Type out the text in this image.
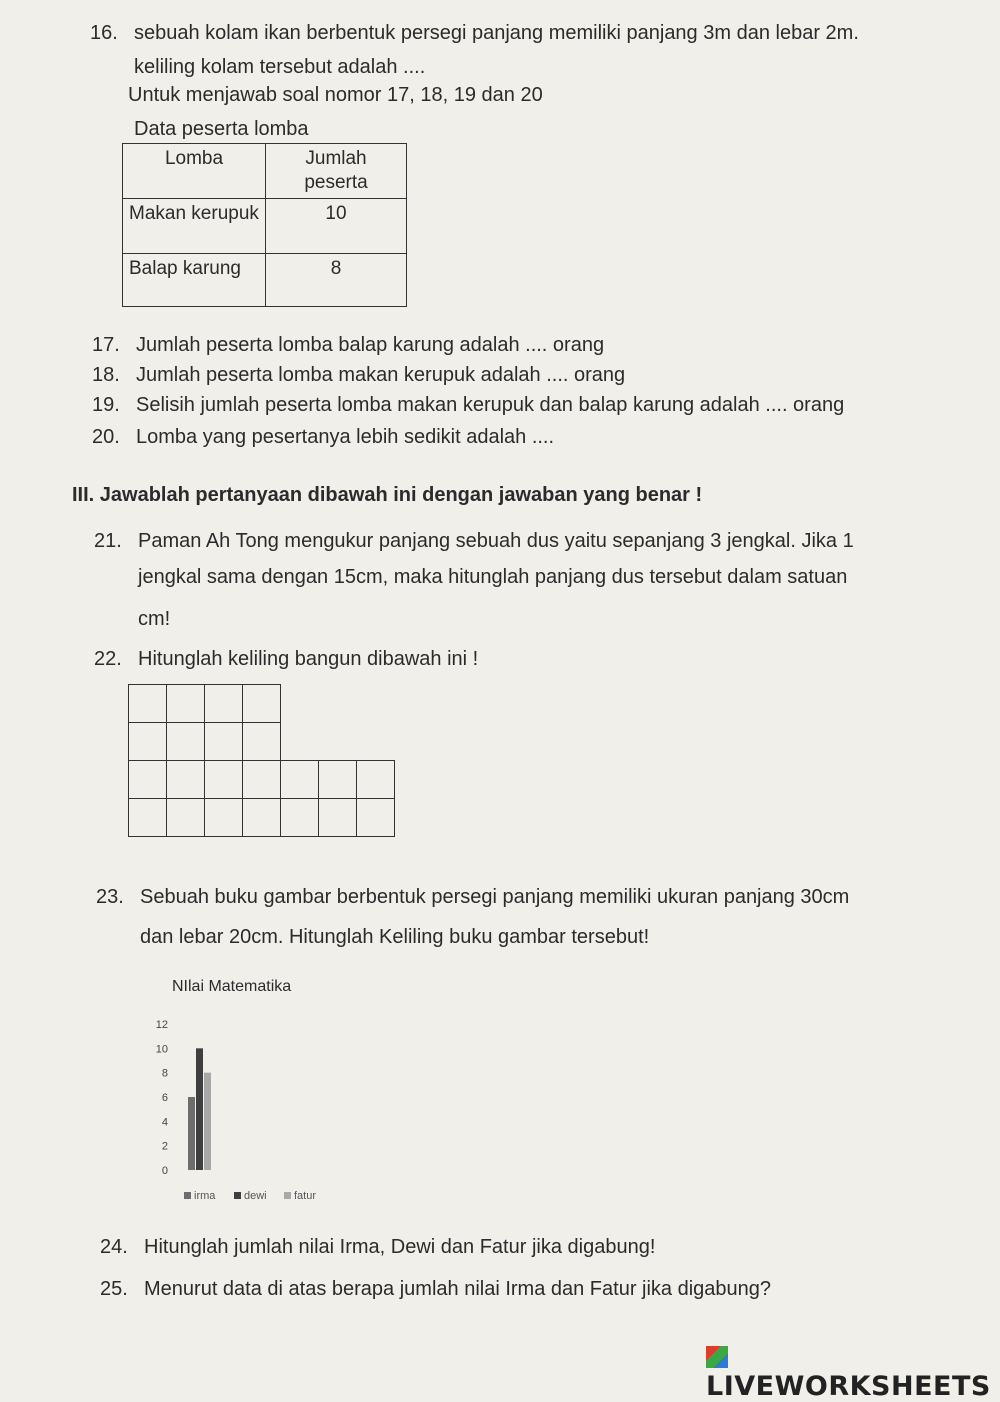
16. sebuah kolam ikan berbentuk persegi panjang memiliki panjang 3m dan lebar 2m.
keliling kolam tersebut adalah ....
Untuk menjawab soal nomor 17, 18, 19 dan 20
Data peserta lomba
Lomba	Jumlah peserta
Makan kerupuk	10
Balap karung	8
17. Jumlah peserta lomba balap karung adalah .... orang
18. Jumlah peserta lomba makan kerupuk adalah .... orang
19. Selisih jumlah peserta lomba makan kerupuk dan balap karung adalah .... orang
20. Lomba yang pesertanya lebih sedikit adalah ....
III. Jawablah pertanyaan dibawah ini dengan jawaban yang benar !
21. Paman Ah Tong mengukur panjang sebuah dus yaitu sepanjang 3 jengkal. Jika 1
jengkal sama dengan 15cm, maka hitunglah panjang dus tersebut dalam satuan
cm!
22. Hitunglah keliling bangun dibawah ini !
23. Sebuah buku gambar berbentuk persegi panjang memiliki ukuran panjang 30cm
dan lebar 20cm. Hitunglah Keliling buku gambar tersebut!
NIlai Matematika
0
2
4
6
8
10
12
irma	dewi fatur
24. Hitunglah jumlah nilai Irma, Dewi dan Fatur jika digabung!
25. Menurut data di atas berapa jumlah nilai Irma dan Fatur jika digabung?
LIVEWORKSHEETS
